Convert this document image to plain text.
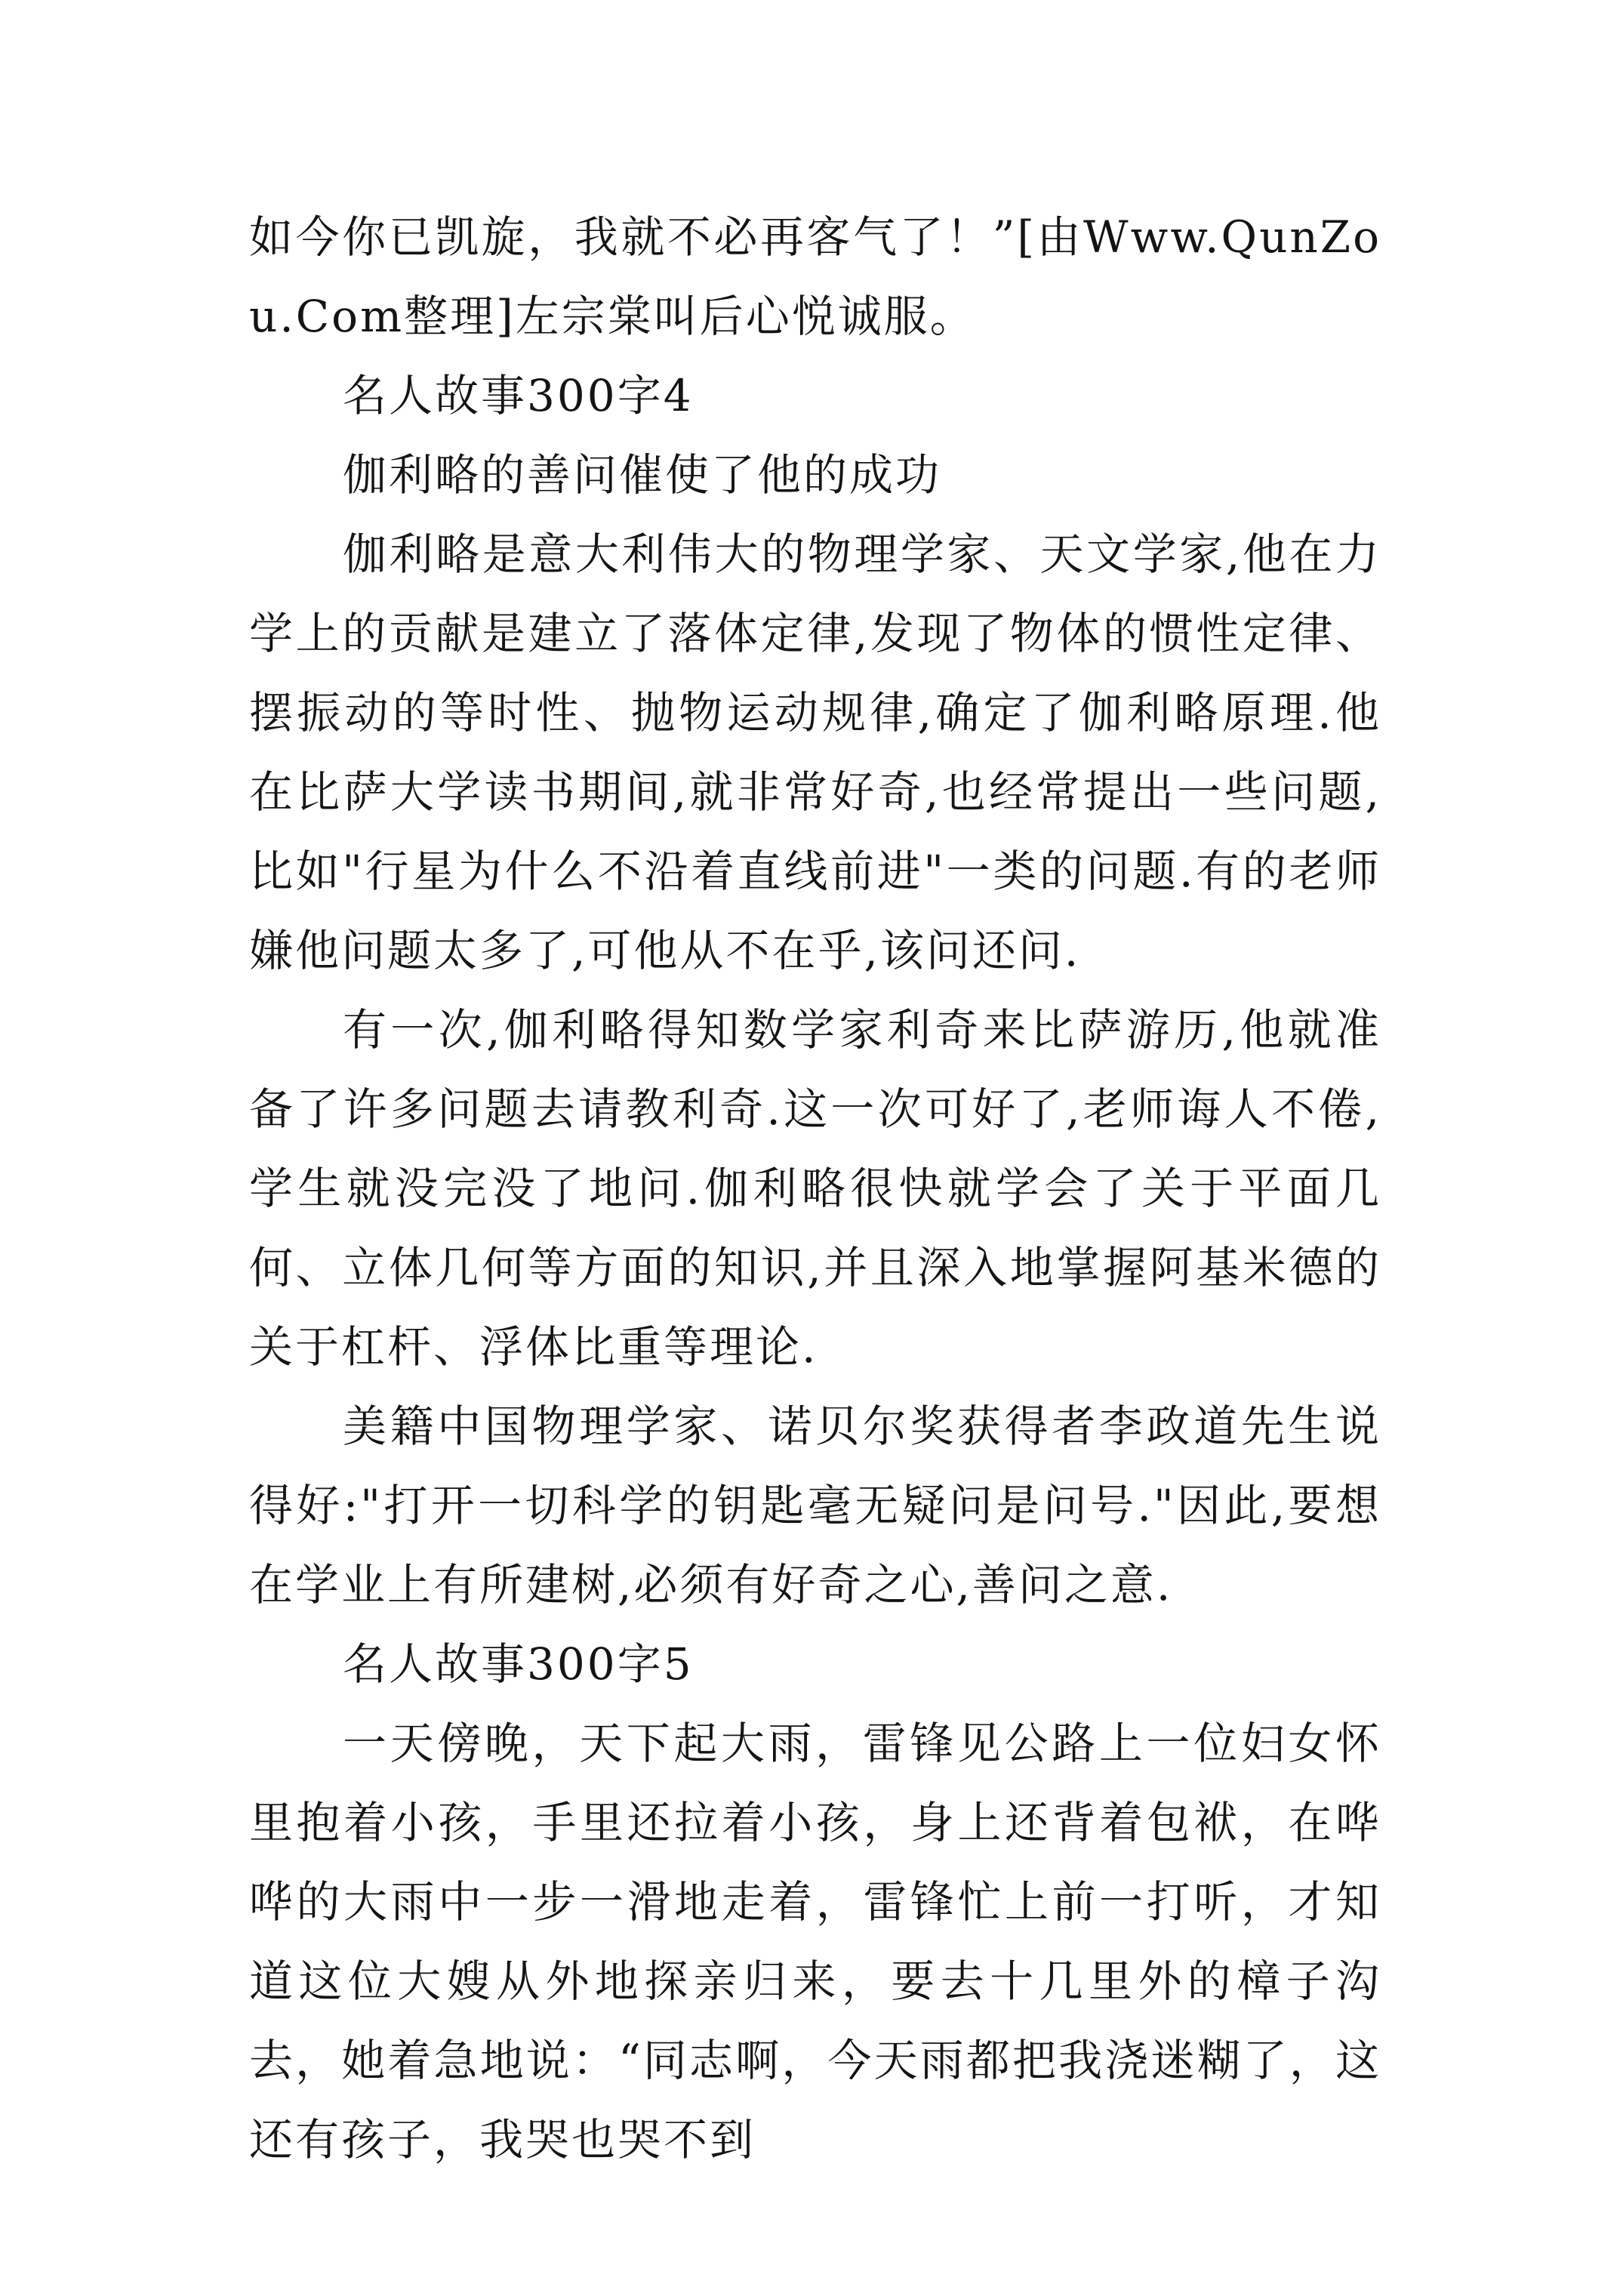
如今你已凯旋，我就不必再客气了！”[由Www.QunZou.Com整理]左宗棠叫后心悦诚服。

名人故事300字4

伽利略的善问催使了他的成功

伽利略是意大利伟大的物理学家、天文学家,他在力学上的贡献是建立了落体定律,发现了物体的惯性定律、摆振动的等时性、抛物运动规律,确定了伽利略原理.他在比萨大学读书期间,就非常好奇,也经常提出一些问题,比如"行星为什么不沿着直线前进"一类的问题.有的老师嫌他问题太多了,可他从不在乎,该问还问.

有一次,伽利略得知数学家利奇来比萨游历,他就准备了许多问题去请教利奇.这一次可好了,老师诲人不倦,学生就没完没了地问.伽利略很快就学会了关于平面几何、立体几何等方面的知识,并且深入地掌握阿基米德的关于杠杆、浮体比重等理论.

美籍中国物理学家、诺贝尔奖获得者李政道先生说得好:"打开一切科学的钥匙毫无疑问是问号."因此,要想在学业上有所建树,必须有好奇之心,善问之意.

名人故事300字5

一天傍晚，天下起大雨，雷锋见公路上一位妇女怀里抱着小孩，手里还拉着小孩，身上还背着包袱，在哗哗的大雨中一步一滑地走着，雷锋忙上前一打听，才知道这位大嫂从外地探亲归来，要去十几里外的樟子沟去，她着急地说：“同志啊，今天雨都把我浇迷糊了，这还有孩子，我哭也哭不到
